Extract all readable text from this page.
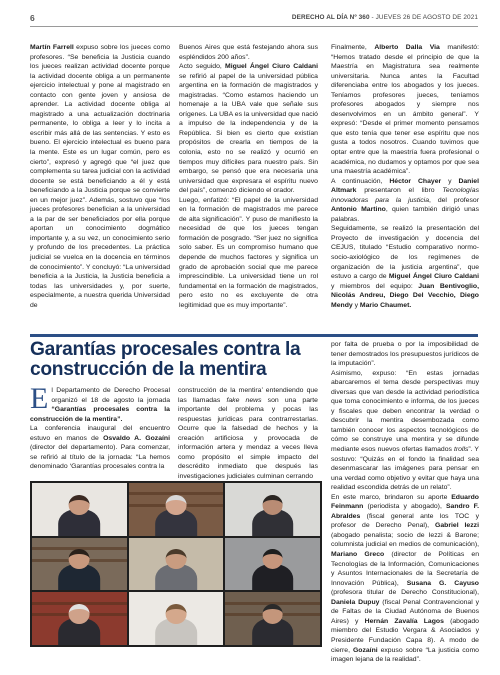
6	DERECHO AL DÍA Nº 360 - JUEVES 26 DE AGOSTO DE 2021

Martín Farrell expuso sobre los jueces como profesores. “Se beneficia la Justicia cuando los jueces realizan actividad docente porque la actividad docente obliga a un permanente ejercicio intelectual y pone al magistrado en contacto con gente joven y ansiosa de aprender. La actividad docente obliga al magistrado a una actualización doctrinaria permanente, lo obliga a leer y lo incita a escribir más allá de las sentencias. Y esto es bueno. El ejercicio intelectual es bueno para la mente. Este es un lugar común, pero es cierto”, expresó y agregó que “el juez que complementa su tarea judicial con la actividad docente se está beneficiando a él y está beneficiando a la Justicia porque se convierte en un mejor juez”. Además, sostuvo que “los jueces profesores benefician a la universidad a la par de ser beneficiados por ella porque aportan un conocimiento dogmático importante y, a su vez, un conocimiento serio y profundo de los precedentes. La práctica judicial se vuelca en la docencia en términos de conocimiento”. Y concluyó: “La universidad beneficia a la Justicia, la Justicia beneficia a todas las universidades y, por suerte, especialmente, a nuestra querida Universidad de

Buenos Aires que está festejando ahora sus espléndidos 200 años”.

Acto seguido, Miguel Ángel Ciuro Caldani se refirió al papel de la universidad pública argentina en la formación de magistrados y magistradas. “Como estamos haciendo un homenaje a la UBA vale que señale sus orígenes. La UBA es la universidad que nació a impulso de la independencia y de la República. Si bien es cierto que existían propósitos de crearla en tiempos de la colonia, esto no se realizó y ocurrió en tiempos muy difíciles para nuestro país. Sin embargo, se pensó que era necesaria una universidad que expresara el espíritu nuevo del país”, comenzó diciendo el orador.

Luego, enfatizó: “El papel de la universidad en la formación de magistrados me parece de alta significación”. Y puso de manifiesto la necesidad de que los jueces tengan formación de posgrado. “Ser juez no significa solo saber. Es un compromiso humano que depende de muchos factores y significa un grado de aprobación social que me parece imprescindible. La universidad tiene un rol fundamental en la formación de magistrados, pero esto no es excluyente de otra legitimidad que es muy importante”.

Finalmente, Alberto Dalla Via manifestó: “Hemos tratado desde el principio de que la Maestría en Magistratura sea realmente universitaria. Nunca antes la Facultad diferenciaba entre los abogados y los jueces. Teníamos profesores jueces, teníamos profesores abogados y siempre nos desenvolvimos en un ámbito general”. Y expresó: “Desde el primer momento pensamos que esto tenía que tener ese espíritu que nos gusta a todos nosotros. Cuando tuvimos que optar entre que la maestría fuera profesional o académica, no dudamos y optamos por que sea una maestría académica”.

A continuación, Héctor Chayer y Daniel Altmark presentaron el libro Tecnologías innovadoras para la justicia, del profesor Antonio Martino, quien también dirigió unas palabras.

Seguidamente, se realizó la presentación del Proyecto de investigación y docencia del CEJUS, titulado “Estudio comparativo normo-socio-axiológico de los regímenes de organización de la justicia argentina”, que estuvo a cargo de Miguel Ángel Ciuro Caldani y miembros del equipo: Juan Bentivoglio, Nicolás Andreu, Diego Del Vecchio, Diego Mendy y Mario Chaumet.

Garantías procesales contra la construcción de la mentira

El Departamento de Derecho Procesal organizó el 18 de agosto la jornada “Garantías procesales contra la construcción de la mentira”.

La conferencia inaugural del encuentro estuvo en manos de Osvaldo A. Gozaíni (director del departamento). Para comenzar, se refirió al título de la jornada: “La hemos denominado ‘Garantías procesales contra la

construcción de la mentira’ entendiendo que las llamadas fake news son una parte importante del problema y pocas las respuestas jurídicas para contrarrestarlas. Ocurre que la falsedad de hechos y la creación artificiosa y provocada de información artera y mendaz a veces lleva como propósito el simple impacto del descrédito inmediato que después las investigaciones judiciales culminan cerrando

por falta de prueba o por la imposibilidad de tener demostrados los presupuestos jurídicos de la imputación”.

Asimismo, expuso: “En estas jornadas abarcaremos el tema desde perspectivas muy diversas que van desde la actividad periodística que toma conocimiento e informa, de los jueces y fiscales que deben encontrar la verdad o descubrir la mentira desembozada como también conocer los aspectos tecnológicos de cómo se construye una mentira y se difunde mediante esos nuevos ofertas llamados trolls”. Y sostuvo: “Quizás en el fondo la finalidad sea desenmascarar las imágenes para pensar en una verdad como objetivo y evitar que haya una realidad escondida detrás de un relato”.

En este marco, brindaron su aporte Eduardo Feinmann (periodista y abogado), Sandro F. Abraldes (fiscal general ante los TOC y profesor de Derecho Penal), Gabriel Iezzi (abogado penalista; socio de Iezzi & Barone; columnista judicial en medios de comunicación), Mariano Greco (director de Políticas en Tecnologías de la Información, Comunicaciones y Asuntos Internacionales de la Secretaría de Innovación Pública), Susana G. Cayuso (profesora titular de Derecho Constitucional), Daniela Dupuy (fiscal Penal Contravencional y de Faltas de la Ciudad Autónoma de Buenos Aires) y Hernán Zavalía Lagos (abogado miembro del Estudio Vergara & Asociados y Presidente Fundación Capa 8). A modo de cierre, Gozaíni expuso sobre “La justicia como imagen lejana de la realidad”.
